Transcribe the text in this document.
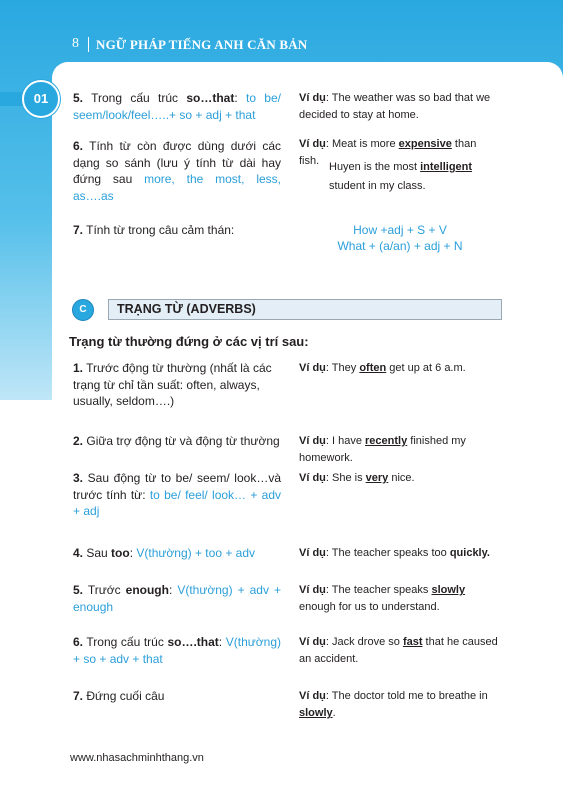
8 NGỮ PHÁP TIẾNG ANH CĂN BẢN
01	5. Trong cấu trúc so…that: to be/ seem/look/feel…..+ so + adj + that
Ví dụ: The weather was so bad that we decided to stay at home.
6. Tính từ còn được dùng dưới các dạng so sánh (lưu ý tính từ dài hay đứng sau more, the most, less, as….as
Ví dụ: Meat is more expensive than fish. Huyen is the most intelligent student in my class.
7. Tính từ trong câu cảm thán:	How +adj + S + V
What + (a/an) + adj + N
C	TRẠNG TỪ (ADVERBS)
Trạng từ thường đứng ở các vị trí sau:
1. Trước động từ thường (nhất là các trạng từ chỉ tần suất: often, always, usually, seldom….)
Ví dụ: They often get up at 6 a.m.
2. Giữa trợ động từ và động từ thường Ví dụ: I have recently finished my homework.
3. Sau động từ to be/ seem/ look…và trước tính từ: to be/ feel/ look… + adv + adj
Ví dụ: She is very nice.
4. Sau too: V(thường) + too + adv	Ví dụ: The teacher speaks too quickly.
5. Trước enough: V(thường) + adv + enough
Ví dụ: The teacher speaks slowly enough for us to understand.
6. Trong cấu trúc so….that: V(thường) + so + adv + that
Ví dụ: Jack drove so fast that he caused an accident.
7. Đứng cuối câu	Ví dụ: The doctor told me to breathe in slowly.
www.nhasachminhthang.vn
